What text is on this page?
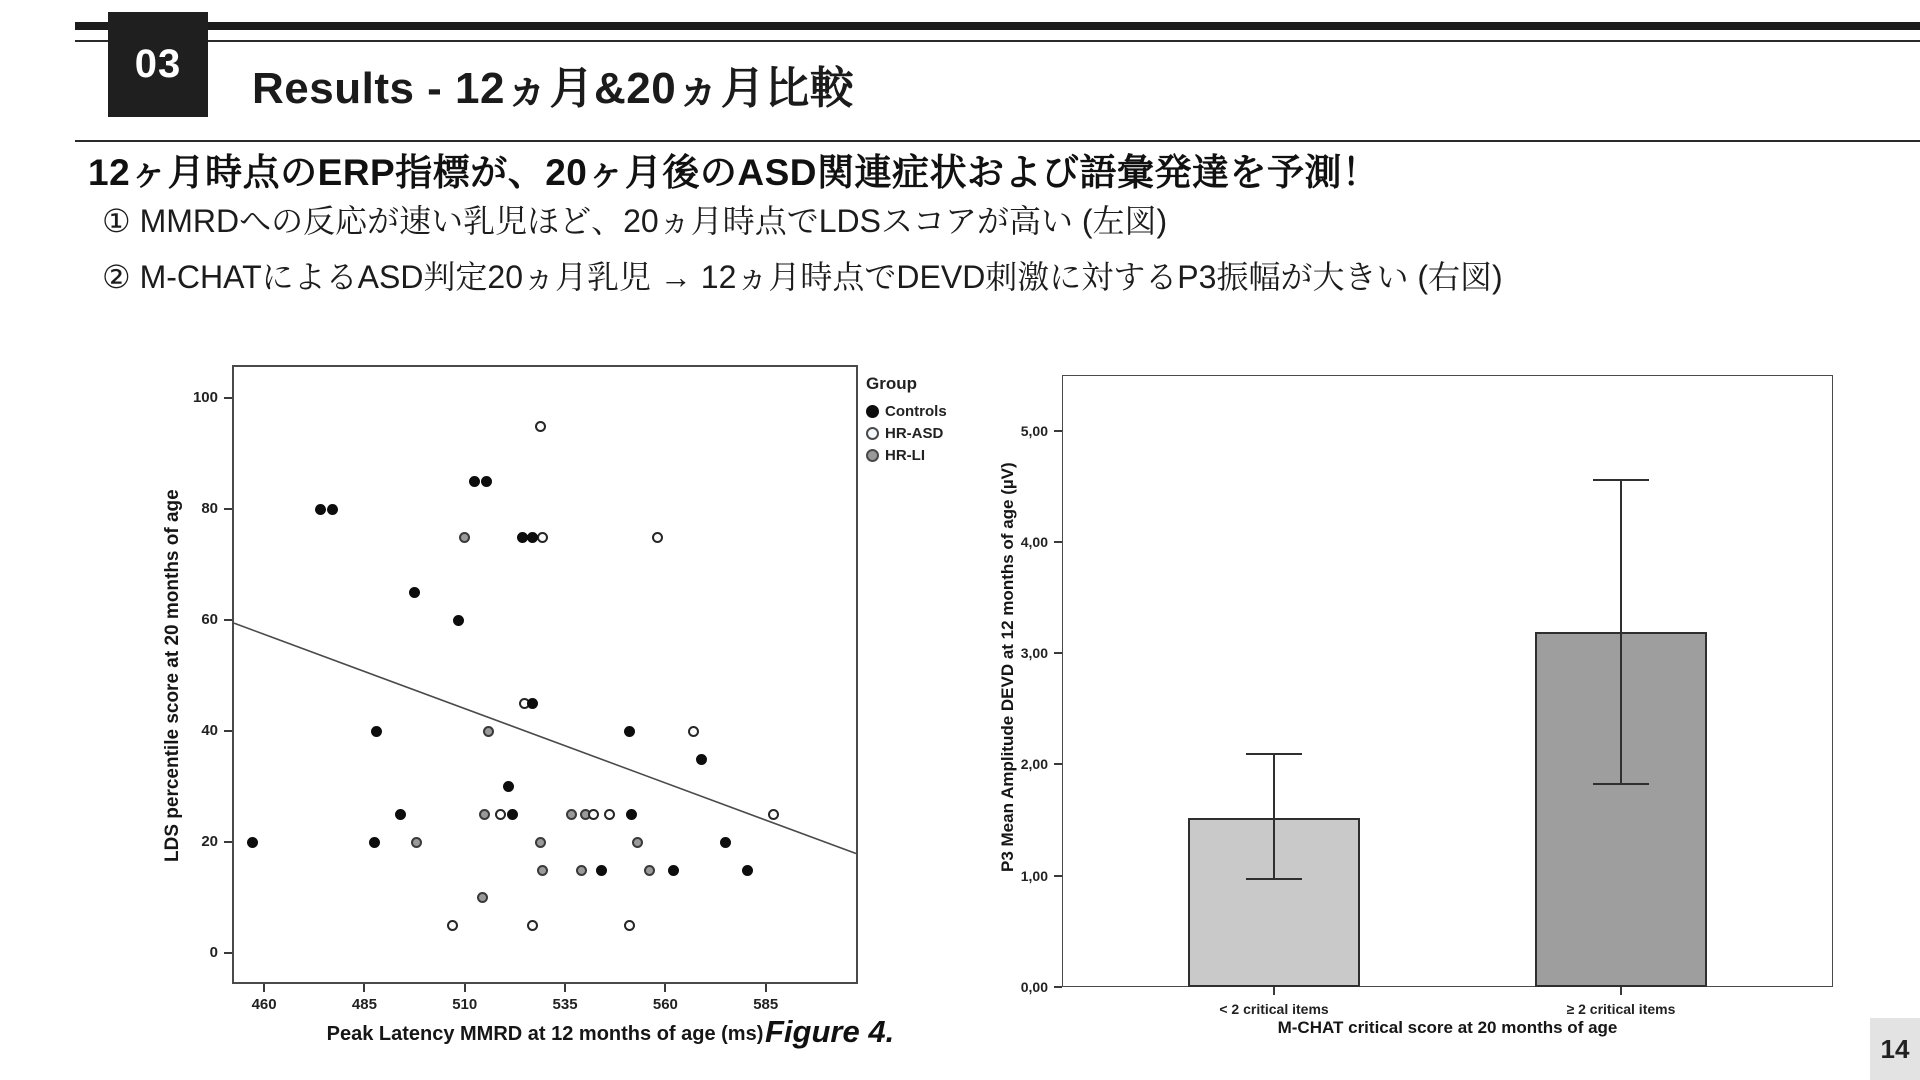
03 Results - 12ヵ月&20ヵ月比較
12ヶ月時点のERP指標が、20ヶ月後のASD関連症状および語彙発達を予測！
① MMRDへの反応が速い乳児ほど、20ヵ月時点でLDSスコアが高い (左図)
② M-CHATによるASD判定20ヵ月乳児 → 12ヵ月時点でDEVD刺激に対するP3振幅が大きい (右図)
LDS percentile score at 20 months of age
Peak Latency MMRD at 12 months of age (ms)
Group
Controls
HR-ASD
HR-LI
P3 Mean Amplitude DEVD at 12 months of age (µV)
M-CHAT critical score at 20 months of age
Figure 4.	14
0
20
40
60
80
100
460	485	510	535	560	585
0,00
1,00
2,00
3,00
4,00
5,00
< 2 critical items	≥ 2 critical items
